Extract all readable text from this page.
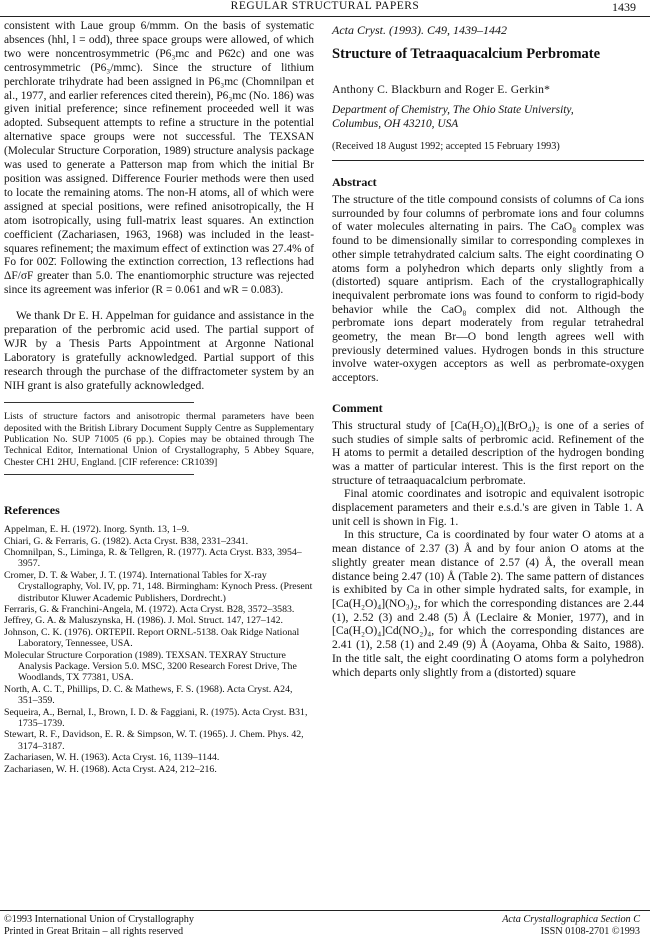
REGULAR STRUCTURAL PAPERS	1439

consistent with Laue group 6/mmm. On the basis of systematic absences (hhl, l = odd), three space groups were allowed, of which two were noncentrosymmetric (P6₃mc and P6̄2c) and one was centrosymmetric (P6₃/mmc). Since the structure of lithium perchlorate trihydrate had been assigned in P6₃mc (Chomnilpan et al., 1977, and earlier references cited therein), P6₃mc (No. 186) was given initial preference; since refinement proceeded well it was adopted. Subsequent attempts to refine a structure in the potential alternative space groups were not successful. The TEXSAN (Molecular Structure Corporation, 1989) structure analysis package was used to generate a Patterson map from which the initial Br position was assigned. Difference Fourier methods were then used to locate the remaining atoms. The non-H atoms, all of which were assigned at special positions, were refined anisotropically, the H atom isotropically, using full-matrix least squares. An extinction coefficient (Zachariasen, 1963, 1968) was included in the least-squares refinement; the maximum effect of extinction was 27.4% of Fo for 002̄. Following the extinction correction, 13 reflections had ΔF/σF greater than 5.0. The enantiomorphic structure was rejected since its agreement was inferior (R = 0.061 and wR = 0.083).

We thank Dr E. H. Appelman for guidance and assistance in the preparation of the perbromic acid used. The partial support of WJR by a Thesis Parts Appointment at Argonne National Laboratory is gratefully acknowledged. Partial support of this research through the purchase of the diffractometer system by an NIH grant is also gratefully acknowledged.

Lists of structure factors and anisotropic thermal parameters have been deposited with the British Library Document Supply Centre as Supplementary Publication No. SUP 71005 (6 pp.). Copies may be obtained through The Technical Editor, International Union of Crystallography, 5 Abbey Square, Chester CH1 2HU, England. [CIF reference: CR1039]

References
Appelman, E. H. (1972). Inorg. Synth. 13, 1–9.
Chiari, G. & Ferraris, G. (1982). Acta Cryst. B38, 2331–2341.
Chomnilpan, S., Liminga, R. & Tellgren, R. (1977). Acta Cryst. B33, 3954–3957.
Cromer, D. T. & Waber, J. T. (1974). International Tables for X-ray Crystallography, Vol. IV, pp. 71, 148. Birmingham: Kynoch Press. (Present distributor Kluwer Academic Publishers, Dordrecht.)
Ferraris, G. & Franchini-Angela, M. (1972). Acta Cryst. B28, 3572–3583.
Jeffrey, G. A. & Maluszynska, H. (1986). J. Mol. Struct. 147, 127–142.
Johnson, C. K. (1976). ORTEPII. Report ORNL-5138. Oak Ridge National Laboratory, Tennessee, USA.
Molecular Structure Corporation (1989). TEXSAN. TEXRAY Structure Analysis Package. Version 5.0. MSC, 3200 Research Forest Drive, The Woodlands, TX 77381, USA.
North, A. C. T., Phillips, D. C. & Mathews, F. S. (1968). Acta Cryst. A24, 351–359.
Sequeira, A., Bernal, I., Brown, I. D. & Faggiani, R. (1975). Acta Cryst. B31, 1735–1739.
Stewart, R. F., Davidson, E. R. & Simpson, W. T. (1965). J. Chem. Phys. 42, 3174–3187.
Zachariasen, W. H. (1963). Acta Cryst. 16, 1139–1144.
Zachariasen, W. H. (1968). Acta Cryst. A24, 212–216.
Acta Cryst. (1993). C49, 1439–1442
Structure of Tetraaquacalcium Perbromate
Anthony C. Blackburn and Roger E. Gerkin*
Department of Chemistry, The Ohio State University,
Columbus, OH 43210, USA
(Received 18 August 1992; accepted 15 February 1993)
Abstract

The structure of the title compound consists of columns of Ca ions surrounded by four columns of perbromate ions and four columns of water molecules alternating in pairs. The CaO₈ complex was found to be dimensionally similar to corresponding complexes in other simple tetrahydrated calcium salts. The eight coordinating O atoms form a polyhedron which departs only slightly from a (distorted) square antiprism. Each of the crystallographically inequivalent perbromate ions was found to conform to rigid-body behavior while the CaO₈ complex did not. Although the perbromate ions depart moderately from regular tetrahedral geometry, the mean Br—O bond length agrees well with previously determined values. Hydrogen bonds in this structure involve water-oxygen acceptors as well as perbromate-oxygen acceptors.

Comment

This structural study of [Ca(H₂O)₄](BrO₄)₂ is one of a series of such studies of simple salts of perbromic acid. Refinement of the H atoms to permit a detailed description of the hydrogen bonding was a matter of particular interest. This is the first report on the structure of tetraaquacalcium perbromate.

Final atomic coordinates and isotropic and equivalent isotropic displacement parameters and their e.s.d.'s are given in Table 1. A unit cell is shown in Fig. 1.

In this structure, Ca is coordinated by four water O atoms at a mean distance of 2.37 (3) Å and by four anion O atoms at the slightly greater mean distance of 2.57 (4) Å, the overall mean distance being 2.47 (10) Å (Table 2). The same pattern of distances is exhibited by Ca in other simple hydrated salts, for example, in [Ca(H₂O)₄](NO₃)₂, for which the corresponding distances are 2.44 (1), 2.52 (3) and 2.48 (5) Å (Leclaire & Monier, 1977), and in [Ca(H₂O)₄]Cd(NO₂)₄, for which the corresponding distances are 2.41 (1), 2.58 (1) and 2.49 (9) Å (Aoyama, Ohba & Saito, 1988). In the title salt, the eight coordinating O atoms form a polyhedron which departs only slightly from a (distorted) square

©1993 International Union of Crystallography
Printed in Great Britain – all rights reserved
Acta Crystallographica Section C
ISSN 0108-2701 ©1993
